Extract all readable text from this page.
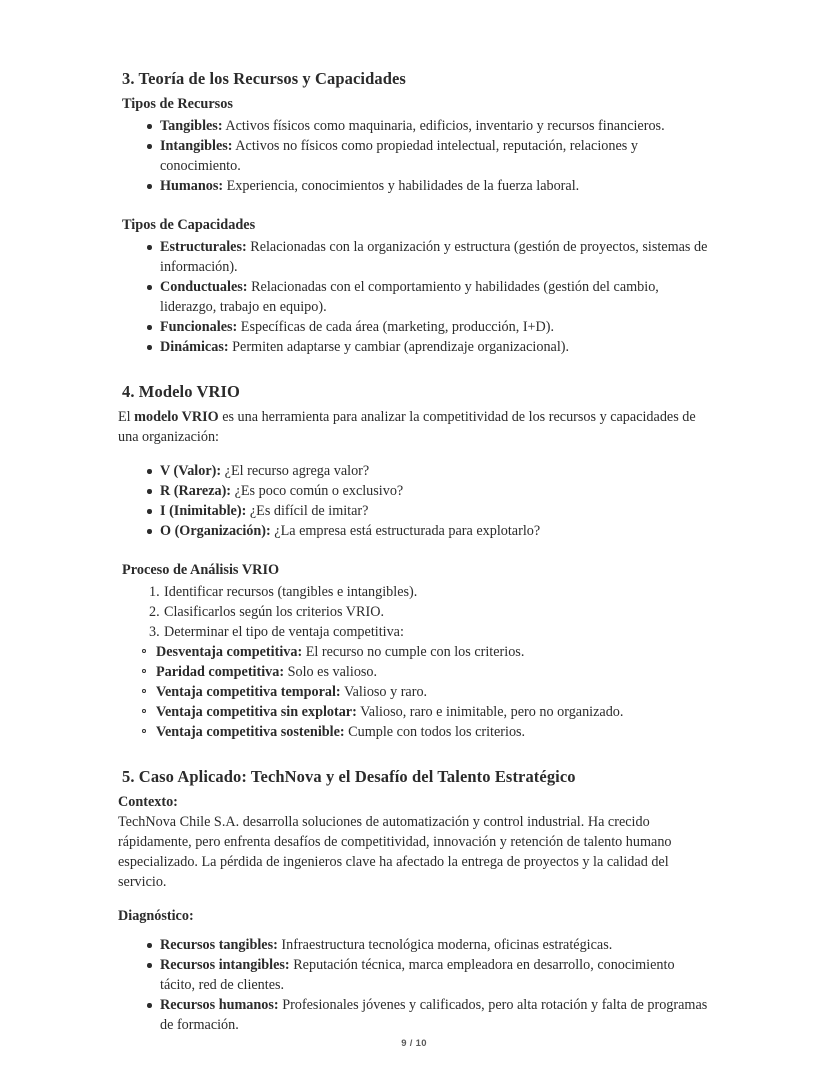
3. Teoría de los Recursos y Capacidades
Tipos de Recursos
Tangibles: Activos físicos como maquinaria, edificios, inventario y recursos financieros.
Intangibles: Activos no físicos como propiedad intelectual, reputación, relaciones y conocimiento.
Humanos: Experiencia, conocimientos y habilidades de la fuerza laboral.
Tipos de Capacidades
Estructurales: Relacionadas con la organización y estructura (gestión de proyectos, sistemas de información).
Conductuales: Relacionadas con el comportamiento y habilidades (gestión del cambio, liderazgo, trabajo en equipo).
Funcionales: Específicas de cada área (marketing, producción, I+D).
Dinámicas: Permiten adaptarse y cambiar (aprendizaje organizacional).
4. Modelo VRIO

El modelo VRIO es una herramienta para analizar la competitividad de los recursos y capacidades de una organización:

V (Valor): ¿El recurso agrega valor?
R (Rareza): ¿Es poco común o exclusivo?
I (Inimitable): ¿Es difícil de imitar?
O (Organización): ¿La empresa está estructurada para explotarlo?
Proceso de Análisis VRIO
Identificar recursos (tangibles e intangibles).
Clasificarlos según los criterios VRIO.
Determinar el tipo de ventaja competitiva:
Desventaja competitiva: El recurso no cumple con los criterios.
Paridad competitiva: Solo es valioso.
Ventaja competitiva temporal: Valioso y raro.
Ventaja competitiva sin explotar: Valioso, raro e inimitable, pero no organizado.
Ventaja competitiva sostenible: Cumple con todos los criterios.
5. Caso Aplicado: TechNova y el Desafío del Talento Estratégico

Contexto:

TechNova Chile S.A. desarrolla soluciones de automatización y control industrial. Ha crecido rápidamente, pero enfrenta desafíos de competitividad, innovación y retención de talento humano especializado. La pérdida de ingenieros clave ha afectado la entrega de proyectos y la calidad del servicio.

Diagnóstico:

Recursos tangibles: Infraestructura tecnológica moderna, oficinas estratégicas.
Recursos intangibles: Reputación técnica, marca empleadora en desarrollo, conocimiento tácito, red de clientes.
Recursos humanos: Profesionales jóvenes y calificados, pero alta rotación y falta de programas de formación.
9 / 10
